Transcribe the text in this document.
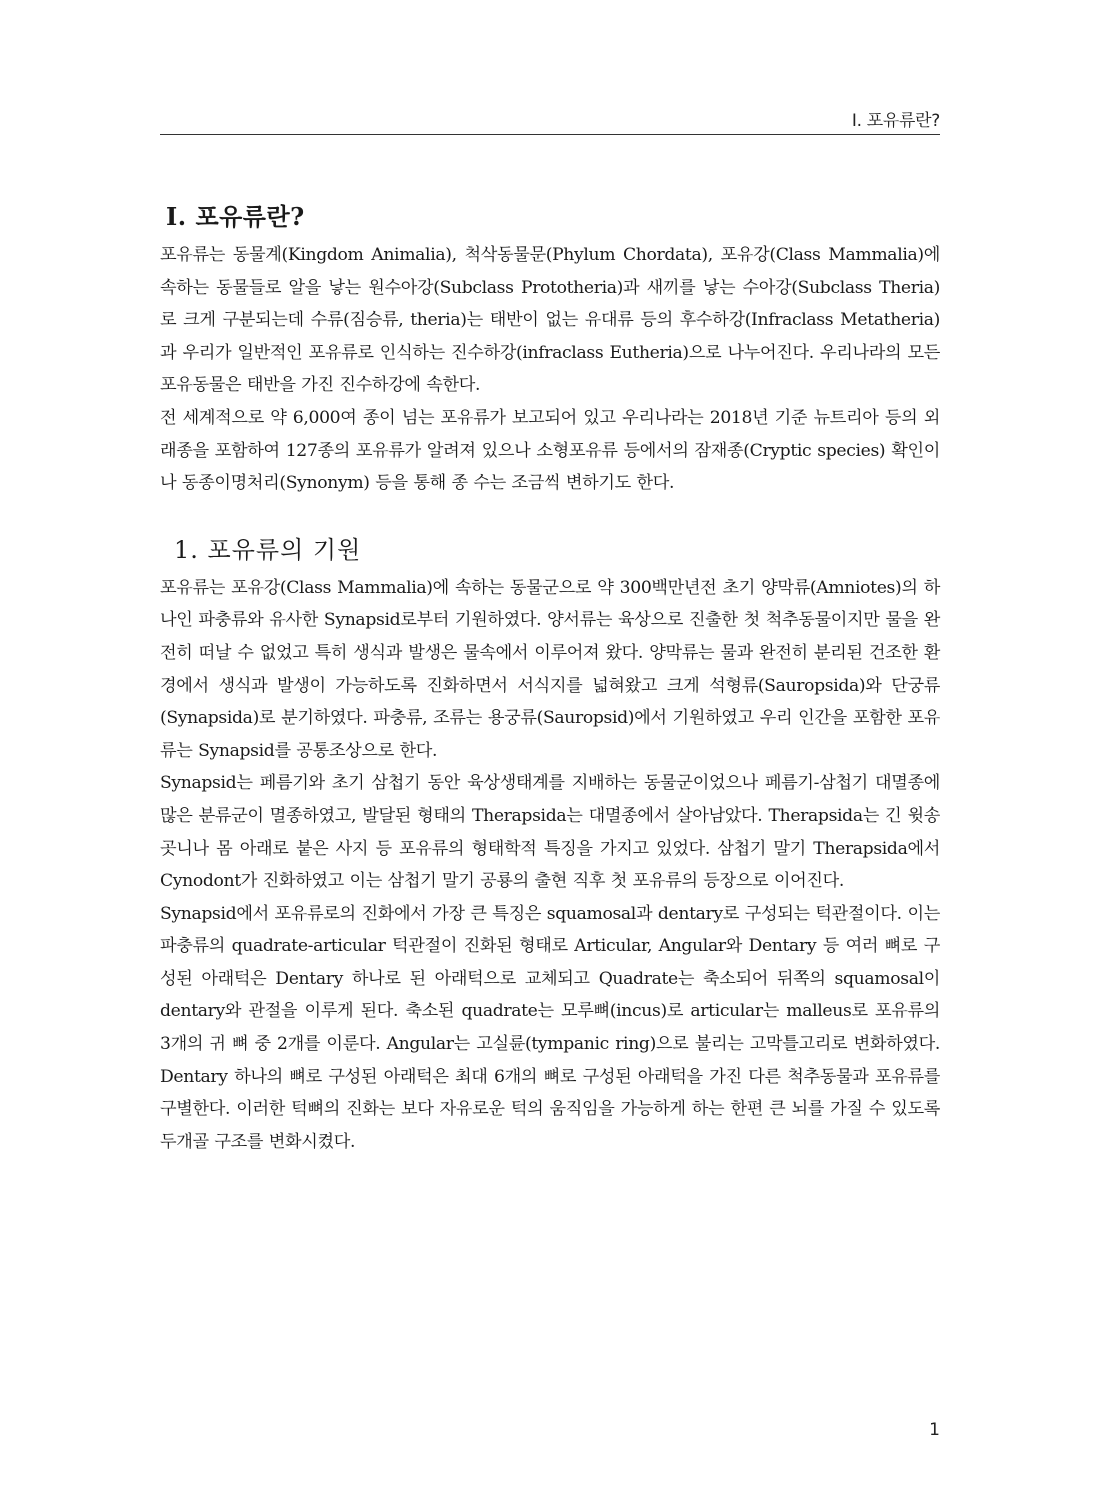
Ⅰ. 포유류란?
Ⅰ. 포유류란?

포유류는 동물계(Kingdom Animalia), 척삭동물문(Phylum Chordata), 포유강(Class Mammalia)에 속하는 동물들로 알을 낳는 원수아강(Subclass Prototheria)과 새끼를 낳는 수아강(Subclass Theria)로 크게 구분되는데 수류(짐승류, theria)는 태반이 없는 유대류 등의 후수하강(Infraclass Metatheria)과 우리가 일반적인 포유류로 인식하는 진수하강(infraclass Eutheria)으로 나누어진다. 우리나라의 모든 포유동물은 태반을 가진 진수하강에 속한다.

전 세계적으로 약 6,000여 종이 넘는 포유류가 보고되어 있고 우리나라는 2018년 기준 뉴트리아 등의 외래종을 포함하여 127종의 포유류가 알려져 있으나 소형포유류 등에서의 잠재종(Cryptic species) 확인이나 동종이명처리(Synonym) 등을 통해 종 수는 조금씩 변하기도 한다.

1. 포유류의 기원

포유류는 포유강(Class Mammalia)에 속하는 동물군으로 약 300백만년전 초기 양막류(Amniotes)의 하나인 파충류와 유사한 Synapsid로부터 기원하였다. 양서류는 육상으로 진출한 첫 척추동물이지만 물을 완전히 떠날 수 없었고 특히 생식과 발생은 물속에서 이루어져 왔다. 양막류는 물과 완전히 분리된 건조한 환경에서 생식과 발생이 가능하도록 진화하면서 서식지를 넓혀왔고 크게 석형류(Sauropsida)와 단궁류(Synapsida)로 분기하였다. 파충류, 조류는 용궁류(Sauropsid)에서 기원하였고 우리 인간을 포함한 포유류는 Synapsid를 공통조상으로 한다.

Synapsid는 페름기와 초기 삼첩기 동안 육상생태계를 지배하는 동물군이었으나 페름기-삼첩기 대멸종에 많은 분류군이 멸종하였고, 발달된 형태의 Therapsida는 대멸종에서 살아남았다. Therapsida는 긴 윗송곳니나 몸 아래로 붙은 사지 등 포유류의 형태학적 특징을 가지고 있었다. 삼첩기 말기 Therapsida에서 Cynodont가 진화하였고 이는 삼첩기 말기 공룡의 출현 직후 첫 포유류의 등장으로 이어진다.

Synapsid에서 포유류로의 진화에서 가장 큰 특징은 squamosal과 dentary로 구성되는 턱관절이다. 이는 파충류의 quadrate-articular 턱관절이 진화된 형태로 Articular, Angular와 Dentary 등 여러 뼈로 구성된 아래턱은 Dentary 하나로 된 아래턱으로 교체되고 Quadrate는 축소되어 뒤쪽의 squamosal이 dentary와 관절을 이루게 된다. 축소된 quadrate는 모루뼈(incus)로 articular는 malleus로 포유류의 3개의 귀 뼈 중 2개를 이룬다. Angular는 고실륜(tympanic ring)으로 불리는 고막틀고리로 변화하였다. Dentary 하나의 뼈로 구성된 아래턱은 최대 6개의 뼈로 구성된 아래턱을 가진 다른 척추동물과 포유류를 구별한다. 이러한 턱뼈의 진화는 보다 자유로운 턱의 움직임을 가능하게 하는 한편 큰 뇌를 가질 수 있도록 두개골 구조를 변화시켰다.

1
